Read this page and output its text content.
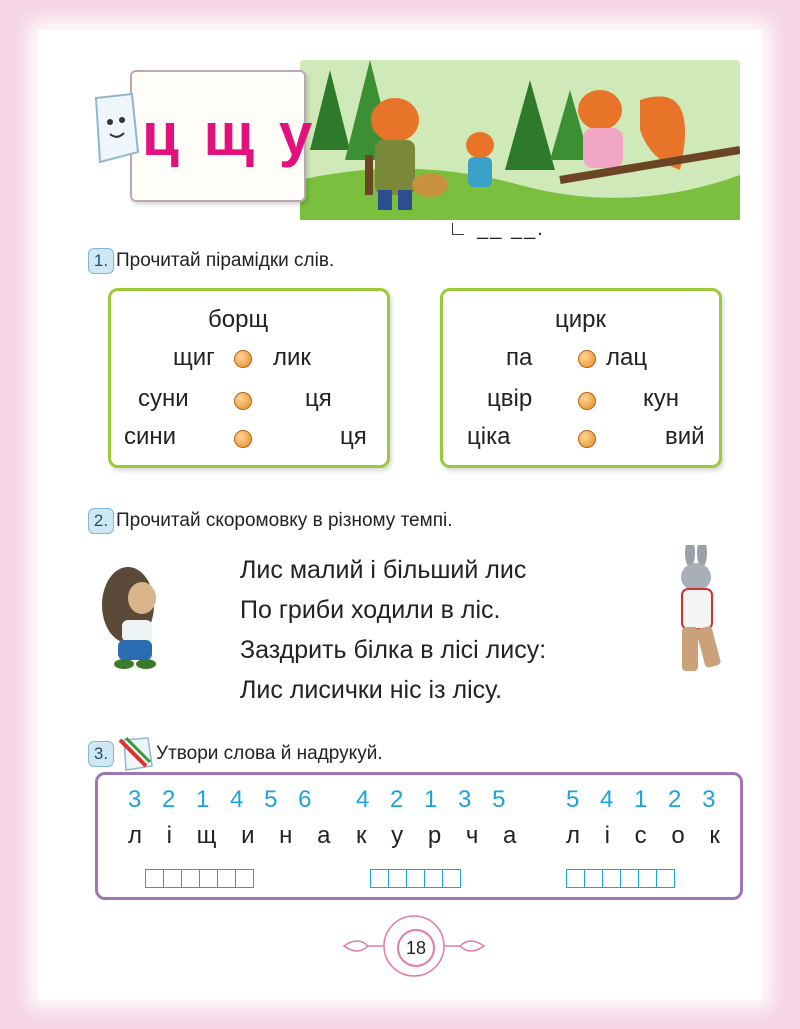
ц щ у
∟ __ __.
1. Прочитай пірамідки слів.
борщ
щиг лик
суни	ця
сини	ця
цирк
па	лац
цвір	кун
ціка	вий
2. Прочитай скоромовку в різному темпі.
Лис малий і більший лис
По гриби ходили в ліс.
Заздрить білка в лісі лису:
Лис лисички ніс із лісу.
3.	Утвори слова й надрукуй.
3 2 1 4 5 6
л і щ и н а
4 2 1 3 5
к у р ч а
5 4 1 2 3
л і с о к
18
